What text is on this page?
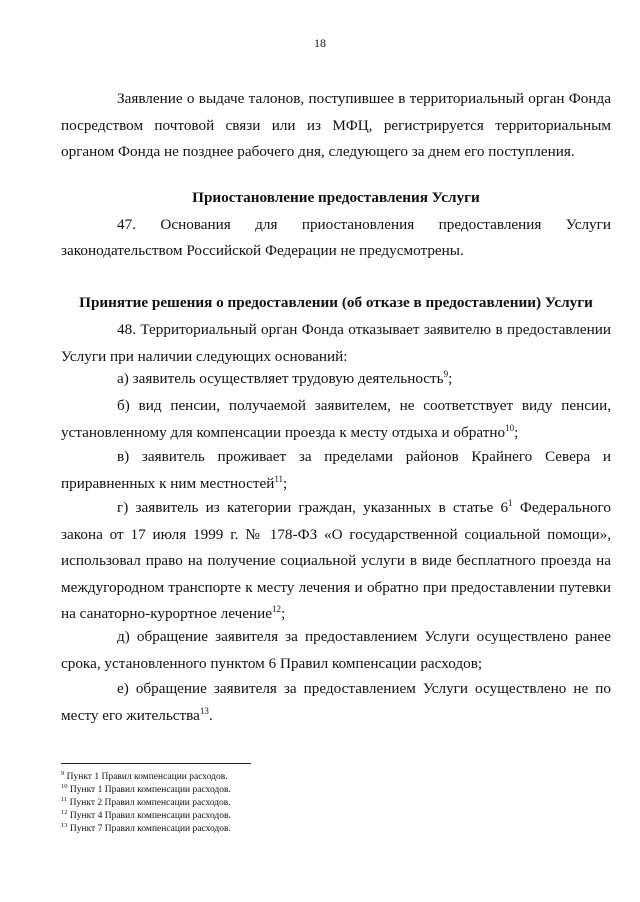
18

Заявление о выдаче талонов, поступившее в территориальный орган Фонда посредством почтовой связи или из МФЦ, регистрируется территориальным органом Фонда не позднее рабочего дня, следующего за днем его поступления.

Приостановление предоставления Услуги

47. Основания для приостановления предоставления Услуги

законодательством Российской Федерации не предусмотрены.

Принятие решения о предоставлении (об отказе в предоставлении) Услуги

48. Территориальный орган Фонда отказывает заявителю в предоставлении Услуги при наличии следующих оснований:

а) заявитель осуществляет трудовую деятельность$^9$;

б) вид пенсии, получаемой заявителем, не соответствует виду пенсии, установленному для компенсации проезда к месту отдыха и обратно$^{10}$;

в) заявитель проживает за пределами районов Крайнего Севера и приравненных к ним местностей$^{11}$;

г) заявитель из категории граждан, указанных в статье $6^1$ Федерального закона от 17 июля 1999 г. № 178-ФЗ «О государственной социальной помощи», использовал право на получение социальной услуги в виде бесплатного проезда на междугородном транспорте к месту лечения и обратно при предоставлении путевки на санаторно-курортное лечение$^{12}$;

д) обращение заявителя за предоставлением Услуги осуществлено ранее срока, установленного пунктом 6 Правил компенсации расходов;

е) обращение заявителя за предоставлением Услуги осуществлено не по месту его жительства$^{13}$.

$^9$ Пункт 1 Правил компенсации расходов.
$^{10}$ Пункт 1 Правил компенсации расходов.
$^{11}$ Пункт 2 Правил компенсации расходов.
$^{12}$ Пункт 4 Правил компенсации расходов.
$^{13}$ Пункт 7 Правил компенсации расходов.
